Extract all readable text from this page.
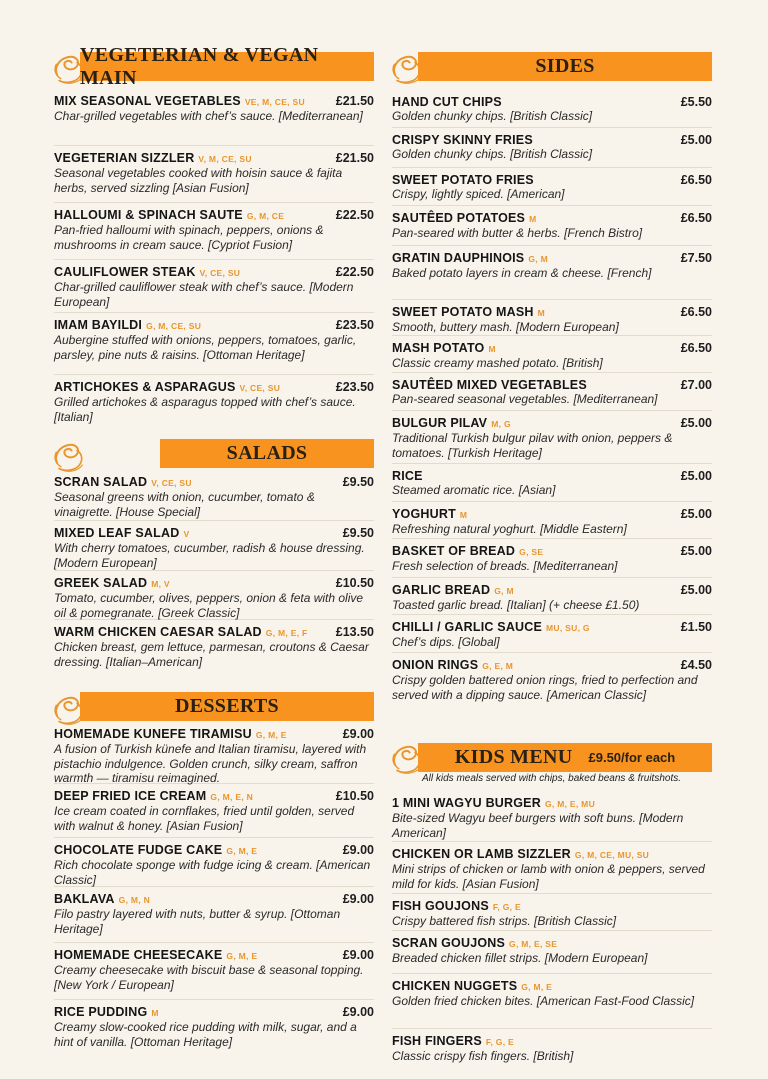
VEGETERIAN & VEGAN MAIN
MIX SEASONAL VEGETABLES VE, M, CE, SU	£21.50
Char-grilled vegetables with chef’s sauce. [Mediterranean]
VEGETERIAN SIZZLER V, M, CE, SU	£21.50
Seasonal vegetables cooked with hoisin sauce & fajita herbs, served sizzling [Asian Fusion]
HALLOUMI & SPINACH SAUTE G, M, CE	£22.50
Pan-fried halloumi with spinach, peppers, onions & mushrooms in cream sauce. [Cypriot Fusion]
CAULIFLOWER STEAK V, CE, SU	£22.50
Char-grilled cauliflower steak with chef’s sauce. [Modern European]
IMAM BAYILDI G, M, CE, SU	£23.50
Aubergine stuffed with onions, peppers, tomatoes, garlic, parsley, pine nuts & raisins. [Ottoman Heritage]
ARTICHOKES & ASPARAGUS V, CE, SU	£23.50
Grilled artichokes & asparagus topped with chef’s sauce. [Italian]
SALADS
SCRAN SALAD V, CE, SU	£9.50
Seasonal greens with onion, cucumber, tomato & vinaigrette. [House Special]
MIXED LEAF SALAD V	£9.50
With cherry tomatoes, cucumber, radish & house dressing. [Modern European]
GREEK SALAD M, V	£10.50
Tomato, cucumber, olives, peppers, onion & feta with olive oil & pomegranate. [Greek Classic]
WARM CHICKEN CAESAR SALAD G, M, E, F	£13.50
Chicken breast, gem lettuce, parmesan, croutons & Caesar dressing. [Italian–American]
DESSERTS
HOMEMADE KUNEFE TIRAMISU G, M, E	£9.00
A fusion of Turkish künefe and Italian tiramisu, layered with pistachio indulgence. Golden crunch, silky cream, saffron warmth — tiramisu reimagined.
DEEP FRIED ICE CREAM G, M, E, N	£10.50
Ice cream coated in cornflakes, fried until golden, served with walnut & honey. [Asian Fusion]
CHOCOLATE FUDGE CAKE G, M, E	£9.00
Rich chocolate sponge with fudge icing & cream. [American Classic]
BAKLAVA G, M, N	£9.00
Filo pastry layered with nuts, butter & syrup. [Ottoman Heritage]
HOMEMADE CHEESECAKE G, M, E	£9.00
Creamy cheesecake with biscuit base & seasonal topping. [New York / European]
RICE PUDDING M	£9.00
Creamy slow-cooked rice pudding with milk, sugar, and a hint of vanilla. [Ottoman Heritage]
SIDES
HAND CUT CHIPS	£5.50
Golden chunky chips. [British Classic]
CRISPY SKINNY FRIES	£5.00
Golden chunky chips. [British Classic]
SWEET POTATO FRIES	£6.50
Crispy, lightly spiced. [American]
SAUTÊED POTATOES M	£6.50
Pan-seared with butter & herbs. [French Bistro]
GRATIN DAUPHINOIS G, M	£7.50
Baked potato layers in cream & cheese. [French]
SWEET POTATO MASH M	£6.50
Smooth, buttery mash. [Modern European]
MASH POTATO M	£6.50
Classic creamy mashed potato. [British]
SAUTÊED MIXED VEGETABLES	£7.00
Pan-seared seasonal vegetables. [Mediterranean]
BULGUR PILAV M, G	£5.00
Traditional Turkish bulgur pilav with onion, peppers & tomatoes. [Turkish Heritage]
RICE	£5.00
Steamed aromatic rice. [Asian]
YOGHURT M	£5.00
Refreshing natural yoghurt. [Middle Eastern]
BASKET OF BREAD G, SE	£5.00
Fresh selection of breads. [Mediterranean]
GARLIC BREAD G, M	£5.00
Toasted garlic bread. [Italian] (+ cheese £1.50)
CHILLI / GARLIC SAUCE MU, SU, G	£1.50
Chef’s dips. [Global]
ONION RINGS G, E, M	£4.50
Crispy golden battered onion rings, fried to perfection and served with a dipping sauce. [American Classic]
KIDS MENU £9.50/for each
All kids meals served with chips, baked beans & fruitshots.
1 MINI WAGYU BURGER G, M, E, MU
Bite-sized Wagyu beef burgers with soft buns. [Modern American]
CHICKEN OR LAMB SIZZLER G, M, CE, MU, SU
Mini strips of chicken or lamb with onion & peppers, served mild for kids. [Asian Fusion]
FISH GOUJONS F, G, E
Crispy battered fish strips. [British Classic]
SCRAN GOUJONS G, M, E, SE
Breaded chicken fillet strips. [Modern European]
CHICKEN NUGGETS G, M, E
Golden fried chicken bites. [American Fast-Food Classic]
FISH FINGERS F, G, E
Classic crispy fish fingers. [British]
